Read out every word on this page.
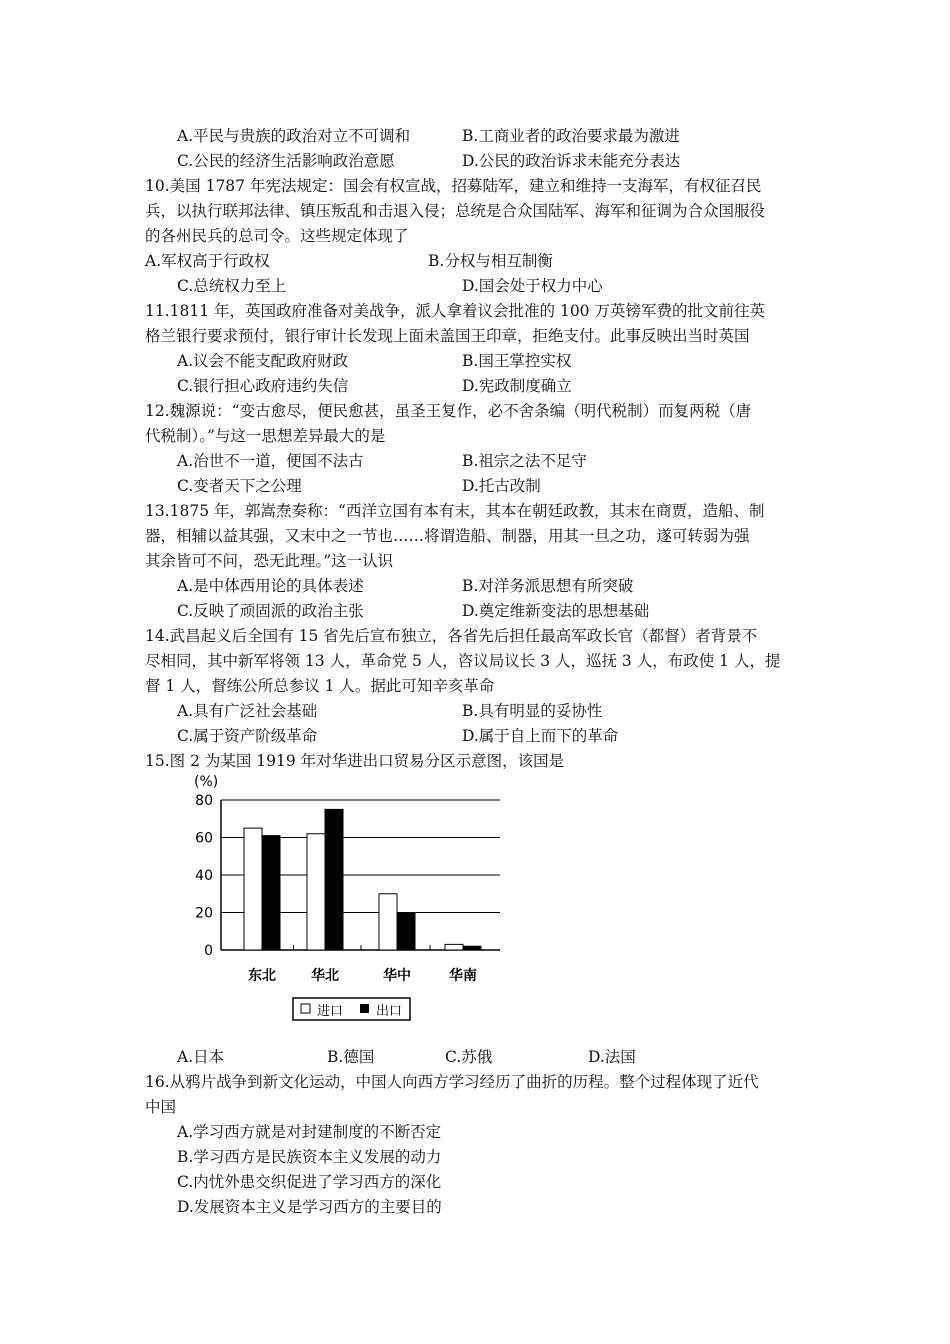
A.平民与贵族的政治对立不可调和	B.工商业者的政治要求最为激进
C.公民的经济生活影响政治意愿	D.公民的政治诉求未能充分表达
10.美国 1787 年宪法规定：国会有权宣战，招募陆军，建立和维持一支海军，有权征召民
兵，以执行联邦法律、镇压叛乱和击退入侵；总统是合众国陆军、海军和征调为合众国服役
的各州民兵的总司令。这些规定体现了
A.军权高于行政权	B.分权与相互制衡
C.总统权力至上	D.国会处于权力中心
11.1811 年，英国政府准备对美战争，派人拿着议会批准的 100 万英镑军费的批文前往英
格兰银行要求预付，银行审计长发现上面未盖国王印章，拒绝支付。此事反映出当时英国
A.议会不能支配政府财政	B.国王掌控实权
C.银行担心政府违约失信	D.宪政制度确立
12.魏源说：“变古愈尽，便民愈甚，虽圣王复作，必不舍条编（明代税制）而复两税（唐
代税制）。”与这一思想差异最大的是
A.治世不一道，便国不法古	B.祖宗之法不足守
C.变者天下之公理	D.托古改制
13.1875 年，郭嵩焘奏称：“西洋立国有本有末，其本在朝廷政教，其末在商贾，造船、制
器，相辅以益其强，又末中之一节也……将谓造船、制器，用其一旦之功，遂可转弱为强
其余皆可不问，恐无此理。”这一认识
A.是中体西用论的具体表述	B.对洋务派思想有所突破
C.反映了顽固派的政治主张	D.奠定维新变法的思想基础
14.武昌起义后全国有 15 省先后宣布独立，各省先后担任最高军政长官（都督）者背景不
尽相同，其中新军将领 13 人，革命党 5 人，咨议局议长 3 人，巡抚 3 人，布政使 1 人，提
督 1 人，督练公所总参议 1 人。据此可知辛亥革命
A.具有广泛社会基础	B.具有明显的妥协性
C.属于资产阶级革命	D.属于自上而下的革命
15.图 2 为某国 1919 年对华进出口贸易分区示意图，该国是
(%)
0
20
40
60
80
东北	华北	华中	华南
进口	出口
A.日本	B.德国	C.苏俄	D.法国
16.从鸦片战争到新文化运动，中国人向西方学习经历了曲折的历程。整个过程体现了近代
中国
A.学习西方就是对封建制度的不断否定
B.学习西方是民族资本主义发展的动力
C.内忧外患交织促进了学习西方的深化
D.发展资本主义是学习西方的主要目的
